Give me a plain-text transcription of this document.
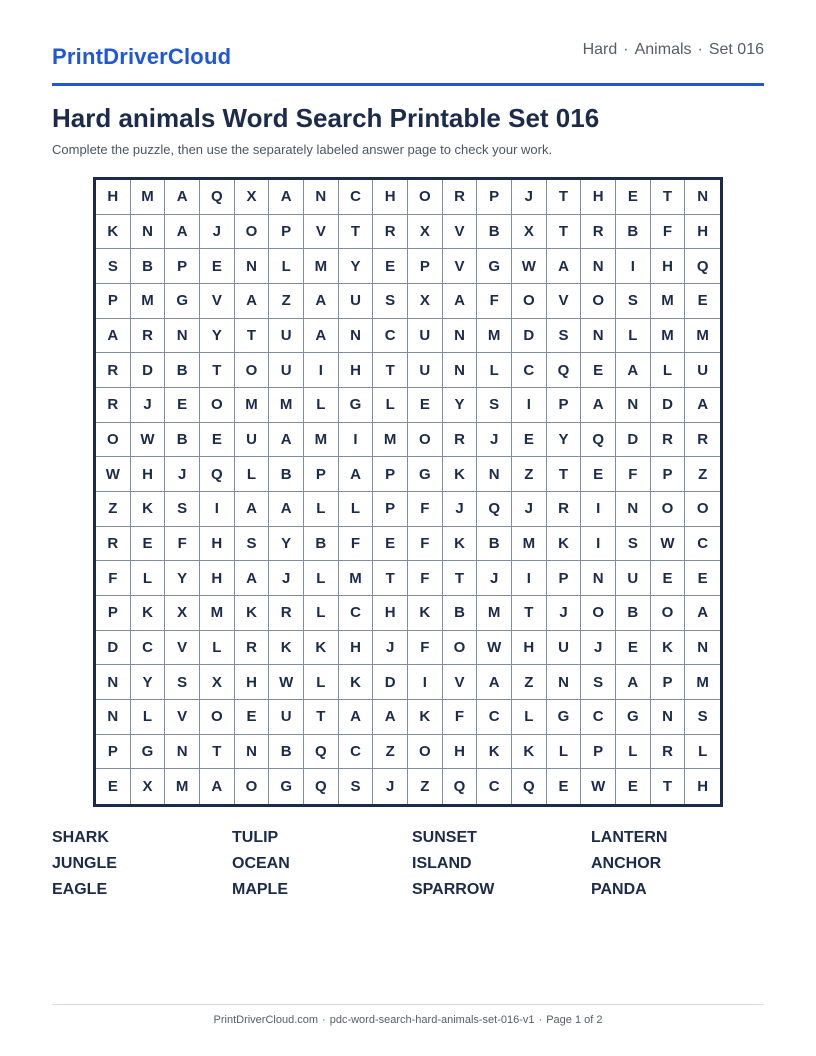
PrintDriverCloud	Hard · Animals · Set 016
Hard animals Word Search Printable Set 016
Complete the puzzle, then use the separately labeled answer page to check your work.
H	M	A	Q	X	A	N	C	H	O	R	P	J	T	H	E	T	N
K	N	A	J	O	P	V	T	R	X	V	B	X	T	R	B	F	H
S	B	P	E	N	L	M	Y	E	P	V	G	W	A	N	I	H	Q
P	M	G	V	A	Z	A	U	S	X	A	F	O	V	O	S	M	E
A	R	N	Y	T	U	A	N	C	U	N	M	D	S	N	L	M	M
R	D	B	T	O	U	I	H	T	U	N	L	C	Q	E	A	L	U
R	J	E	O	M	M	L	G	L	E	Y	S	I	P	A	N	D	A
O	W	B	E	U	A	M	I	M	O	R	J	E	Y	Q	D	R	R
W	H	J	Q	L	B	P	A	P	G	K	N	Z	T	E	F	P	Z
Z	K	S	I	A	A	L	L	P	F	J	Q	J	R	I	N	O	O
R	E	F	H	S	Y	B	F	E	F	K	B	M	K	I	S	W	C
F	L	Y	H	A	J	L	M	T	F	T	J	I	P	N	U	E	E
P	K	X	M	K	R	L	C	H	K	B	M	T	J	O	B	O	A
D	C	V	L	R	K	K	H	J	F	O	W	H	U	J	E	K	N
N	Y	S	X	H	W	L	K	D	I	V	A	Z	N	S	A	P	M
N	L	V	O	E	U	T	A	A	K	F	C	L	G	C	G	N	S
P	G	N	T	N	B	Q	C	Z	O	H	K	K	L	P	L	R	L
E	X	M	A	O	G	Q	S	J	Z	Q	C	Q	E	W	E	T	H
SHARK	TULIP	SUNSET	LANTERN
JUNGLE	OCEAN	ISLAND	ANCHOR
EAGLE	MAPLE	SPARROW	PANDA
PrintDriverCloud.com · pdc-word-search-hard-animals-set-016-v1 · Page 1 of 2
